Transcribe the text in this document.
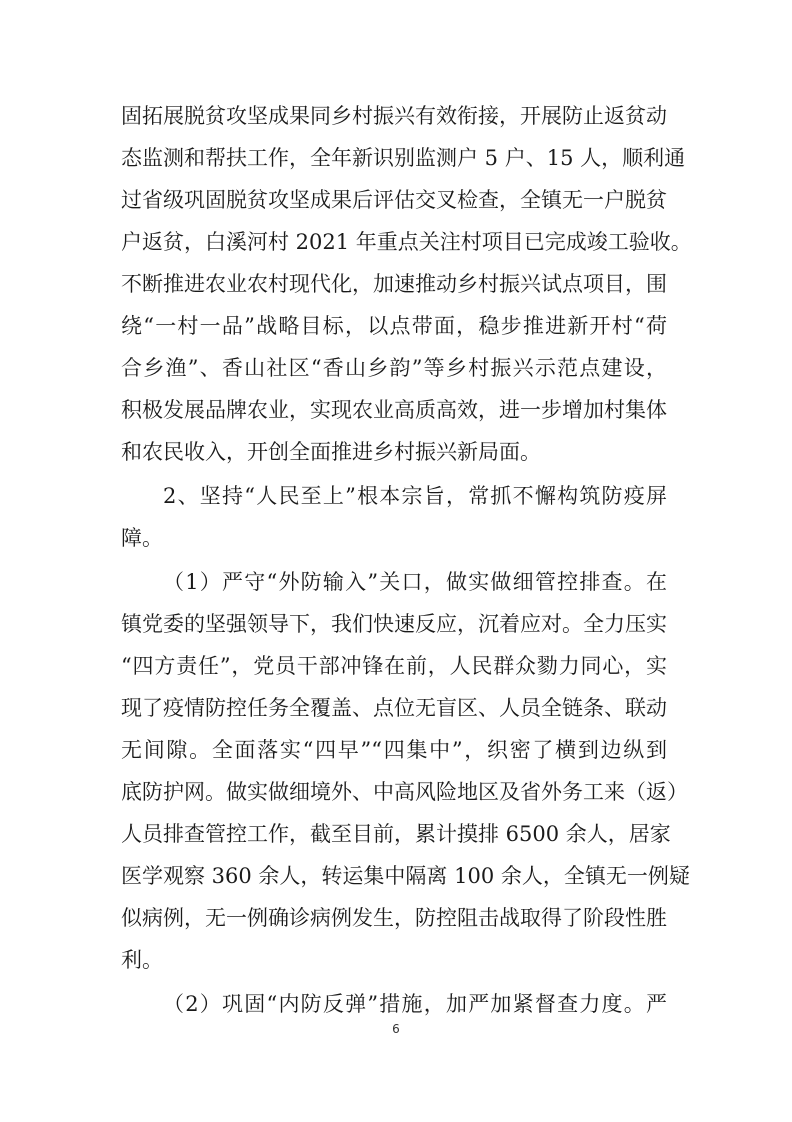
固拓展脱贫攻坚成果同乡村振兴有效衔接，开展防止返贫动
态监测和帮扶工作，全年新识别监测户 5 户、15 人，顺利通
过省级巩固脱贫攻坚成果后评估交叉检查，全镇无一户脱贫
户返贫，白溪河村 2021 年重点关注村项目已完成竣工验收。
不断推进农业农村现代化，加速推动乡村振兴试点项目，围
绕“一村一品”战略目标，以点带面，稳步推进新开村“荷
合乡渔”、香山社区“香山乡韵”等乡村振兴示范点建设，
积极发展品牌农业，实现农业高质高效，进一步增加村集体
和农民收入，开创全面推进乡村振兴新局面。
2、坚持“人民至上”根本宗旨，常抓不懈构筑防疫屏
障。
（1）严守“外防输入”关口，做实做细管控排查。在
镇党委的坚强领导下，我们快速反应，沉着应对。全力压实
“四方责任”，党员干部冲锋在前，人民群众勠力同心，实
现了疫情防控任务全覆盖、点位无盲区、人员全链条、联动
无间隙。全面落实“四早”“四集中”，织密了横到边纵到
底防护网。做实做细境外、中高风险地区及省外务工来（返）
人员排查管控工作，截至目前，累计摸排 6500 余人，居家
医学观察 360 余人，转运集中隔离 100 余人，全镇无一例疑
似病例，无一例确诊病例发生，防控阻击战取得了阶段性胜
利。
（2）巩固“内防反弹”措施，加严加紧督查力度。严
6
